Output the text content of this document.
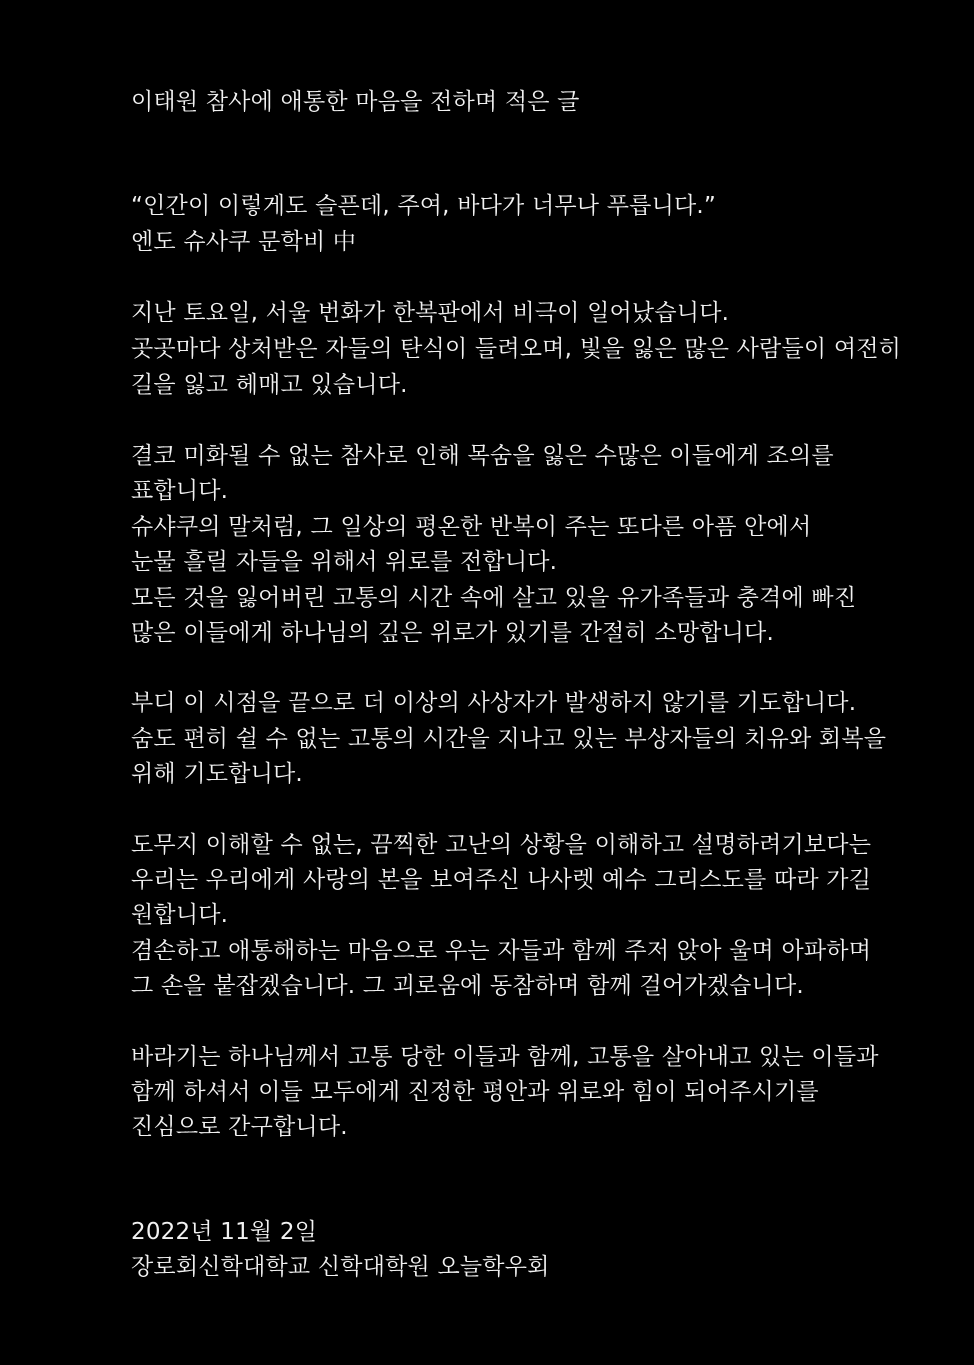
이태원 참사에 애통한 마음을 전하며 적은 글
“인간이 이렇게도 슬픈데, 주여, 바다가 너무나 푸릅니다.”
엔도 슈사쿠 문학비 中
지난 토요일, 서울 번화가 한복판에서 비극이 일어났습니다.
곳곳마다 상처받은 자들의 탄식이 들려오며, 빛을 잃은 많은 사람들이 여전히
길을 잃고 헤매고 있습니다.
결코 미화될 수 없는 참사로 인해 목숨을 잃은 수많은 이들에게 조의를
표합니다.
슈샤쿠의 말처럼, 그 일상의 평온한 반복이 주는 또다른 아픔 안에서
눈물 흘릴 자들을 위해서 위로를 전합니다.
모든 것을 잃어버린 고통의 시간 속에 살고 있을 유가족들과 충격에 빠진
많은 이들에게 하나님의 깊은 위로가 있기를 간절히 소망합니다.
부디 이 시점을 끝으로 더 이상의 사상자가 발생하지 않기를 기도합니다.
숨도 편히 쉴 수 없는 고통의 시간을 지나고 있는 부상자들의 치유와 회복을
위해 기도합니다.
도무지 이해할 수 없는, 끔찍한 고난의 상황을 이해하고 설명하려기보다는
우리는 우리에게 사랑의 본을 보여주신 나사렛 예수 그리스도를 따라 가길
원합니다.
겸손하고 애통해하는 마음으로 우는 자들과 함께 주저 앉아 울며 아파하며
그 손을 붙잡겠습니다. 그 괴로움에 동참하며 함께 걸어가겠습니다.
바라기는 하나님께서 고통 당한 이들과 함께, 고통을 살아내고 있는 이들과
함께 하셔서 이들 모두에게 진정한 평안과 위로와 힘이 되어주시기를
진심으로 간구합니다.
2022년 11월 2일
장로회신학대학교 신학대학원 오늘학우회
